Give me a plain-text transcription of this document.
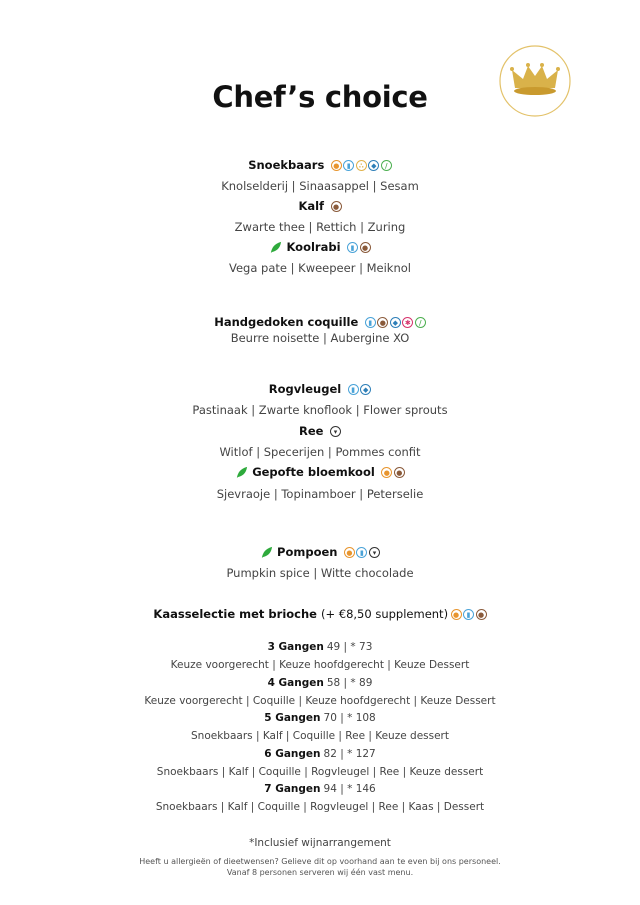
Chef’s choice
Snoekbaars	●	▮	∴	◆	/
Knolselderij | Sinaasappel | Sesam
Kalf	●
Zwarte thee | Rettich | Zuring
Koolrabi	▮	●
Vega pate | Kweepeer | Meiknol
Handgedoken coquille	▮	● ◆ ✱	/
Beurre noisette | Aubergine XO
Rogvleugel	▮	◆
Pastinaak | Zwarte knoflook | Flower sprouts
Ree	▾
Witlof | Specerijen | Pommes confit
Gepofte bloemkool	● ●
Sjevraoje | Topinamboer | Peterselie
Pompoen	●	▮	▾
Pumpkin spice | Witte chocolade
Kaasselectie met brioche (+ €8,50 supplement) ●	▮	●
3 Gangen 49 | * 73
Keuze voorgerecht | Keuze hoofdgerecht | Keuze Dessert
4 Gangen 58 | * 89
Keuze voorgerecht | Coquille | Keuze hoofdgerecht | Keuze Dessert
5 Gangen 70 | * 108
Snoekbaars | Kalf | Coquille | Ree | Keuze dessert
6 Gangen 82 | * 127
Snoekbaars | Kalf | Coquille | Rogvleugel | Ree | Keuze dessert
7 Gangen 94 | * 146
Snoekbaars | Kalf | Coquille | Rogvleugel | Ree | Kaas | Dessert
*Inclusief wijnarrangement
Heeft u allergieën of dieetwensen? Gelieve dit op voorhand aan te even bij ons personeel.
Vanaf 8 personen serveren wij één vast menu.
